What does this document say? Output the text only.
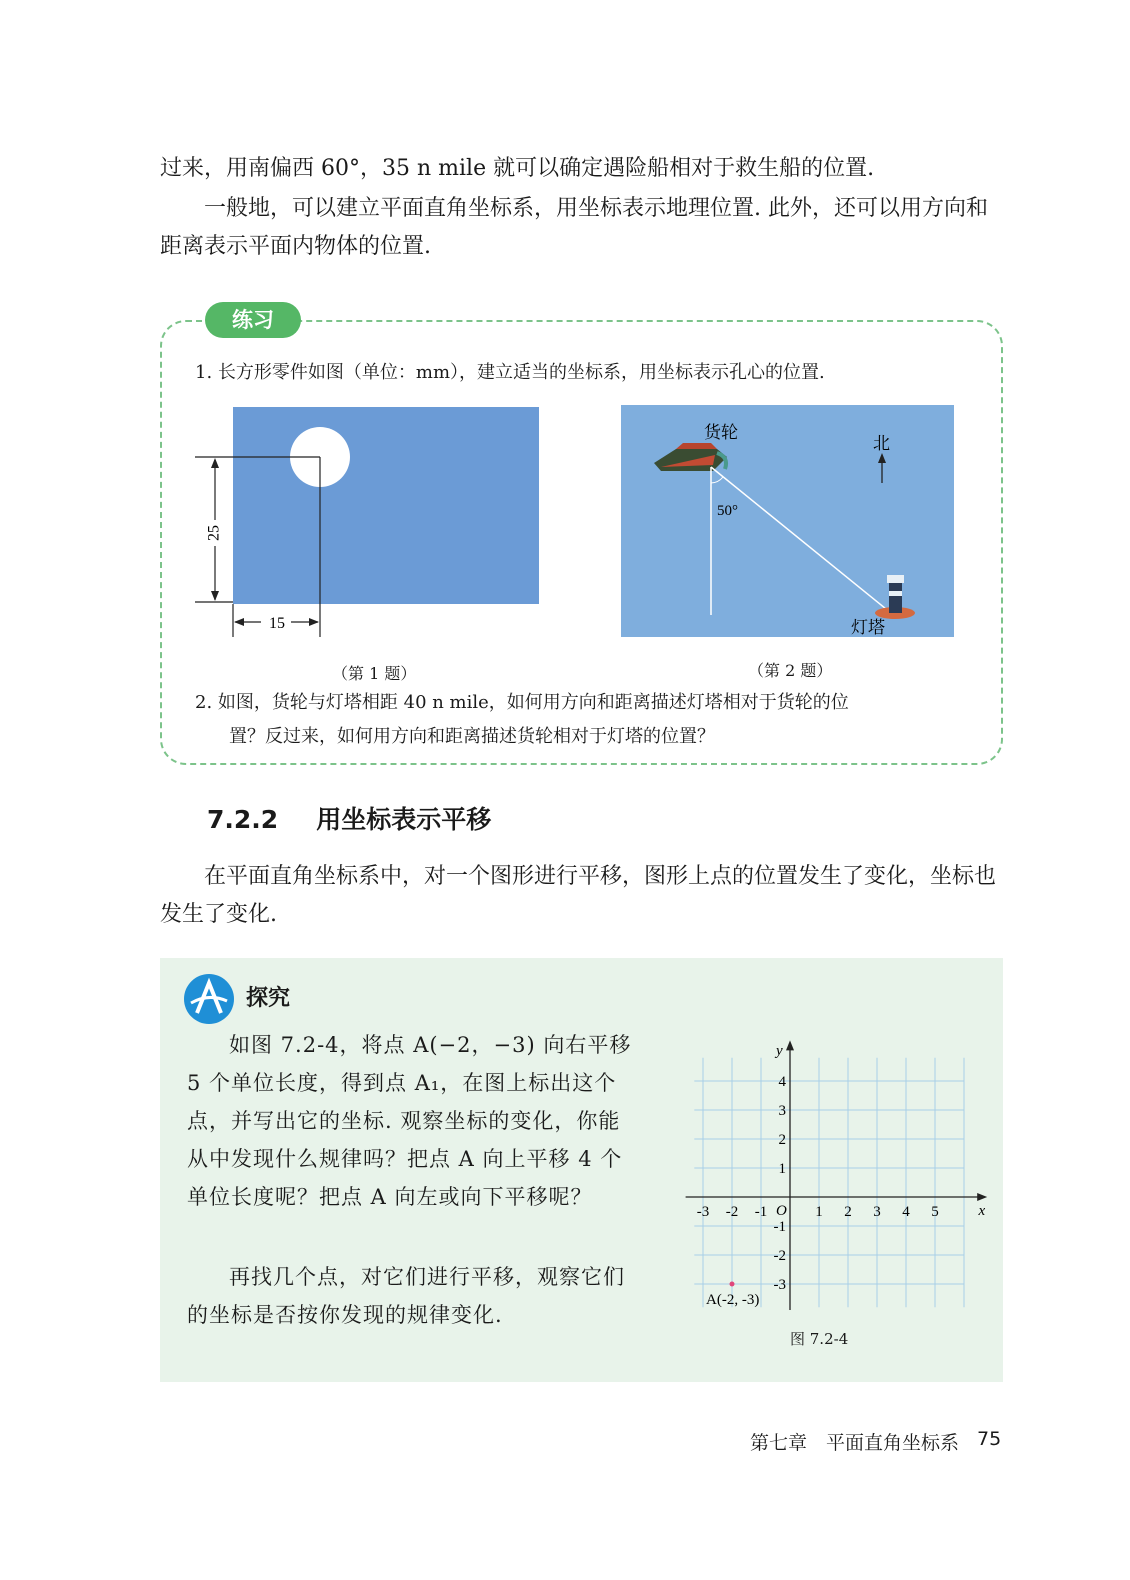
过来，用南偏西 60°，35 n mile 就可以确定遇险船相对于救生船的位置.

一般地，可以建立平面直角坐标系，用坐标表示地理位置. 此外，还可以用方向和距离表示平面内物体的位置.

练习

1. 长方形零件如图（单位：mm），建立适当的坐标系，用坐标表示孔心的位置.

15
25
货轮
北
50°
灯塔
（第 1 题）	（第 2 题）

2. 如图，货轮与灯塔相距 40 n mile，如何用方向和距离描述灯塔相对于货轮的位

置？反过来，如何用方向和距离描述货轮相对于灯塔的位置？

7.2.2 用坐标表示平移

在平面直角坐标系中，对一个图形进行平移，图形上点的位置发生了变化，坐标也发生了变化.

探究

如图 7.2-4，将点 A(−2，−3) 向右平移 5 个单位长度，得到点 A₁，在图上标出这个点，并写出它的坐标. 观察坐标的变化，你能从中发现什么规律吗？把点 A 向上平移 4 个单位长度呢？把点 A 向左或向下平移呢？

再找几个点，对它们进行平移，观察它们的坐标是否按你发现的规律变化.

x
y
O
-3 -2 -1	1 2 3 4 5
4
3
2
1
-1
-2
-3
A(-2, -3)
图 7.2-4
第七章　平面直角坐标系 75
